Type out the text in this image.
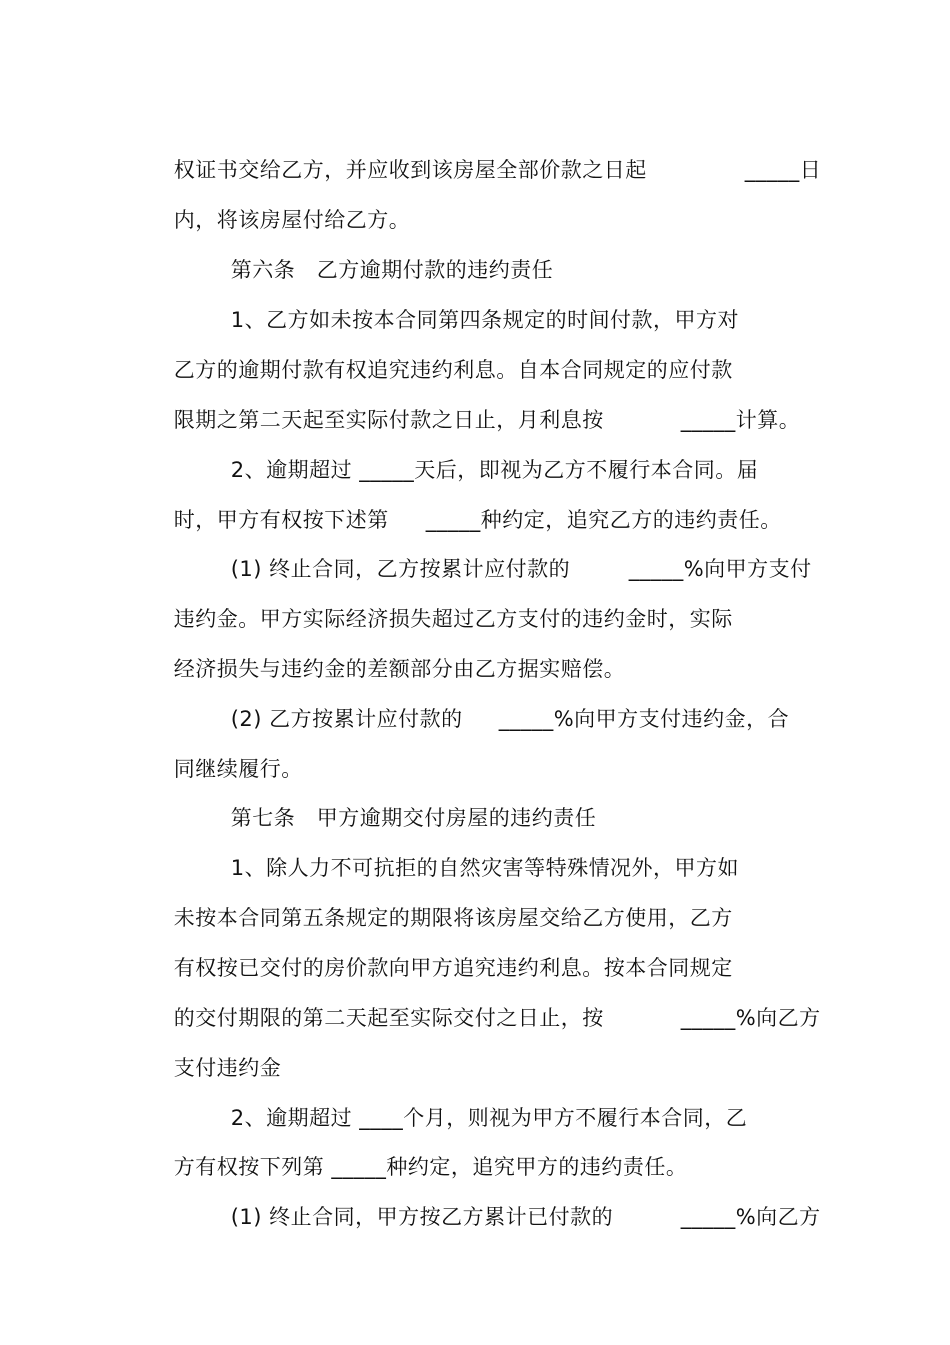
权证书交给乙方，并应收到该房屋全部价款之日起
	_____日

内，将该房屋付给乙方。

第六条　乙方逾期付款的违约责任

1、乙方如未按本合同第四条规定的时间付款，甲方对

乙方的逾期付款有权追究违约利息。自本合同规定的应付款

限期之第二天起至实际付款之日止，月利息按
	_____计算。

2、逾期超过 _____天后，即视为乙方不履行本合同。届

时，甲方有权按下述第
	_____种约定，追究乙方的违约责任。

(1) 终止合同，乙方按累计应付款的
	_____%向甲方支付

违约金。甲方实际经济损失超过乙方支付的违约金时，实际

经济损失与违约金的差额部分由乙方据实赔偿。

(2) 乙方按累计应付款的
	_____%向甲方支付违约金，合

同继续履行。

第七条　甲方逾期交付房屋的违约责任

1、除人力不可抗拒的自然灾害等特殊情况外，甲方如

未按本合同第五条规定的期限将该房屋交给乙方使用，乙方

有权按已交付的房价款向甲方追究违约利息。按本合同规定

的交付期限的第二天起至实际交付之日止，按
	_____%向乙方

支付违约金

2、逾期超过 ____个月，则视为甲方不履行本合同，乙

方有权按下列第 _____种约定，追究甲方的违约责任。

(1) 终止合同，甲方按乙方累计已付款的
	_____%向乙方
